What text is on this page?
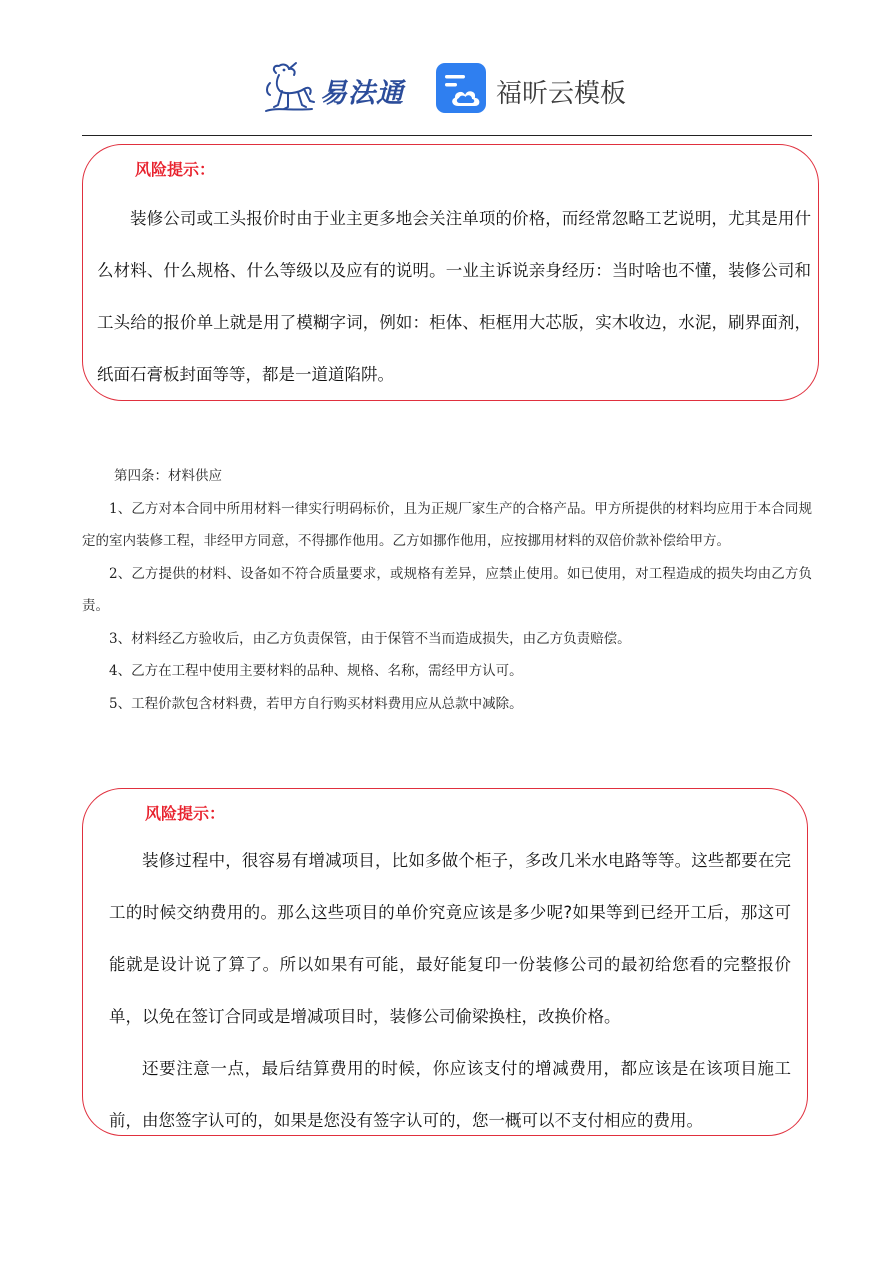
易法通	福昕云模板
风险提示：

装修公司或工头报价时由于业主更多地会关注单项的价格，而经常忽略工艺说明，尤其是用什么材料、什么规格、什么等级以及应有的说明。一业主诉说亲身经历：当时啥也不懂，装修公司和工头给的报价单上就是用了模糊字词，例如：柜体、柜框用大芯版，实木收边，水泥，刷界面剂，纸面石膏板封面等等，都是一道道陷阱。

第四条：材料供应

1、乙方对本合同中所用材料一律实行明码标价，且为正规厂家生产的合格产品。甲方所提供的材料均应用于本合同规定的室内装修工程，非经甲方同意，不得挪作他用。乙方如挪作他用，应按挪用材料的双倍价款补偿给甲方。

2、乙方提供的材料、设备如不符合质量要求，或规格有差异，应禁止使用。如已使用，对工程造成的损失均由乙方负责。

3、材料经乙方验收后，由乙方负责保管，由于保管不当而造成损失，由乙方负责赔偿。

4、乙方在工程中使用主要材料的品种、规格、名称，需经甲方认可。

5、工程价款包含材料费，若甲方自行购买材料费用应从总款中减除。

风险提示：

装修过程中，很容易有增减项目，比如多做个柜子，多改几米水电路等等。这些都要在完工的时候交纳费用的。那么这些项目的单价究竟应该是多少呢?如果等到已经开工后，那这可能就是设计说了算了。所以如果有可能，最好能复印一份装修公司的最初给您看的完整报价单，以免在签订合同或是增减项目时，装修公司偷梁换柱，改换价格。

还要注意一点，最后结算费用的时候，你应该支付的增减费用，都应该是在该项目施工前，由您签字认可的，如果是您没有签字认可的，您一概可以不支付相应的费用。
